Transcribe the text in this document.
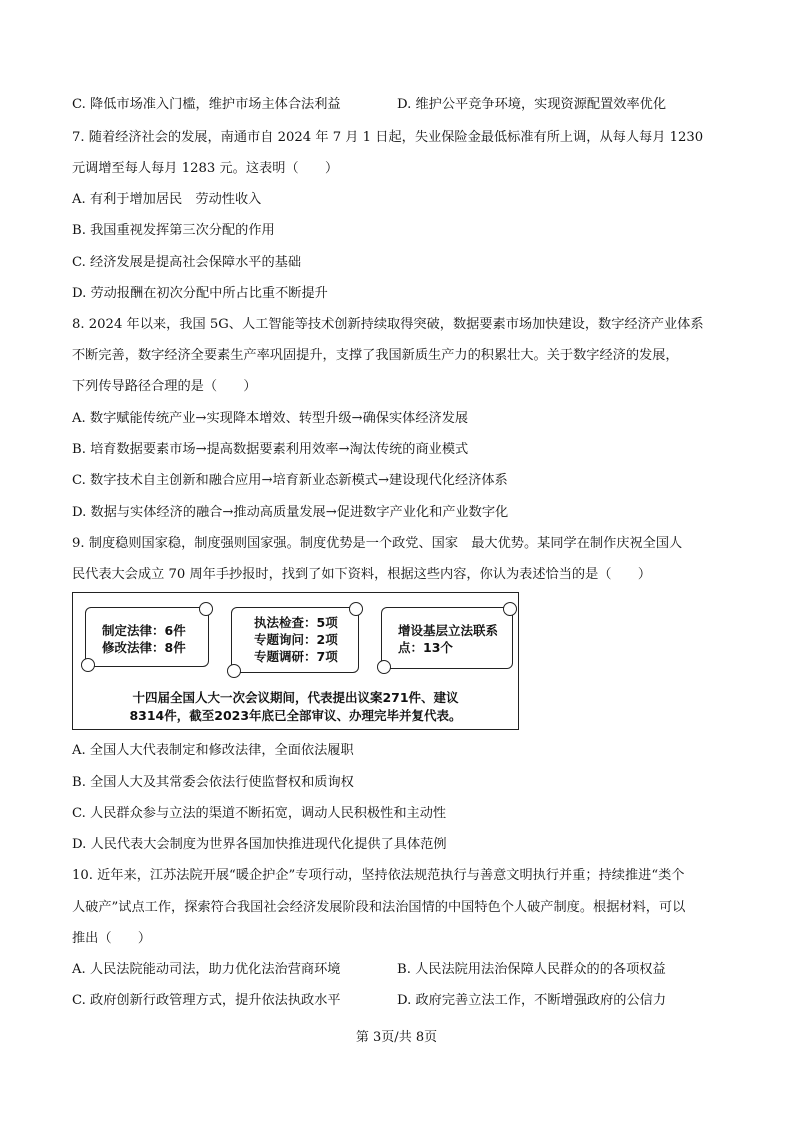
C. 降低市场准入门槛，维护市场主体合法利益	D. 维护公平竞争环境，实现资源配置效率优化
7. 随着经济社会的发展，南通市自 2024 年 7 月 1 日起，失业保险金最低标准有所上调，从每人每月 1230
元调增至每人每月 1283 元。这表明（　　）
A. 有利于增加居民　劳动性收入
B. 我国重视发挥第三次分配的作用
C. 经济发展是提高社会保障水平的基础
D. 劳动报酬在初次分配中所占比重不断提升
8. 2024 年以来，我国 5G、人工智能等技术创新持续取得突破，数据要素市场加快建设，数字经济产业体系
不断完善，数字经济全要素生产率巩固提升，支撑了我国新质生产力的积累壮大。关于数字经济的发展，
下列传导路径合理的是（　　）
A. 数字赋能传统产业→实现降本增效、转型升级→确保实体经济发展
B. 培育数据要素市场→提高数据要素利用效率→淘汰传统的商业模式
C. 数字技术自主创新和融合应用→培育新业态新模式→建设现代化经济体系
D. 数据与实体经济的融合→推动高质量发展→促进数字产业化和产业数字化
9. 制度稳则国家稳，制度强则国家强。制度优势是一个政党、国家　最大优势。某同学在制作庆祝全国人
民代表大会成立 70 周年手抄报时，找到了如下资料，根据这些内容，你认为表述恰当的是（　　）
制定法律：6件
修改法律：8件
执法检查：5项
专题询问：2项
专题调研：7项
增设基层立法联系
点：13个
十四届全国人大一次会议期间，代表提出议案271件、建议
8314件，截至2023年底已全部审议、办理完毕并复代表。
A. 全国人大代表制定和修改法律，全面依法履职
B. 全国人大及其常委会依法行使监督权和质询权
C. 人民群众参与立法的渠道不断拓宽，调动人民积极性和主动性
D. 人民代表大会制度为世界各国加快推进现代化提供了具体范例
10. 近年来，江苏法院开展“暖企护企”专项行动，坚持依法规范执行与善意文明执行并重；持续推进“类个
人破产”试点工作，探索符合我国社会经济发展阶段和法治国情的中国特色个人破产制度。根据材料，可以
推出（　　）
A. 人民法院能动司法，助力优化法治营商环境	B. 人民法院用法治保障人民群众的的各项权益
C. 政府创新行政管理方式，提升依法执政水平	D. 政府完善立法工作，不断增强政府的公信力
第 3页/共 8页
